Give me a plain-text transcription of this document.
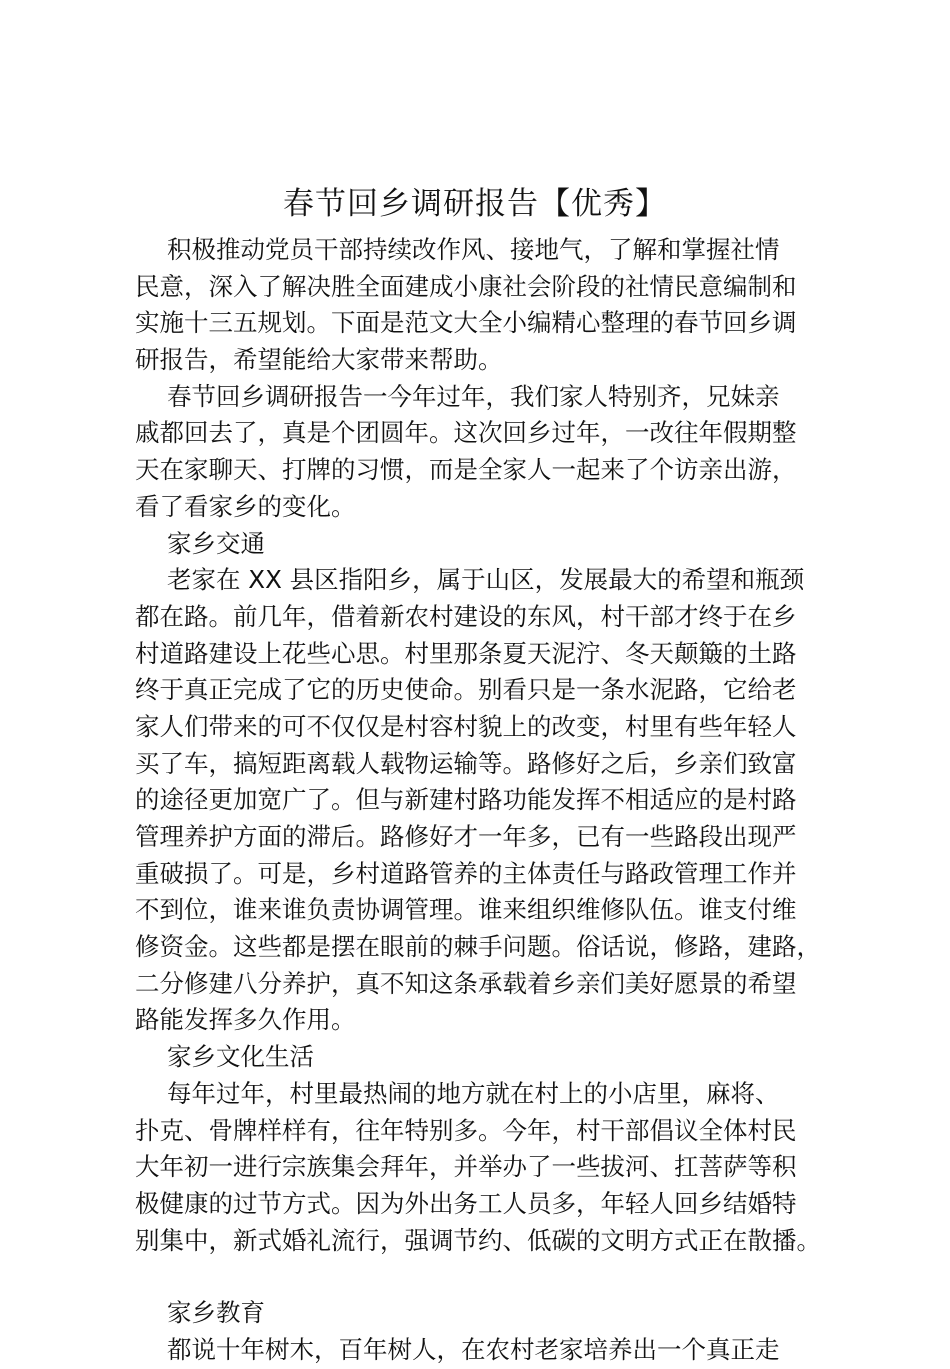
春节回乡调研报告【优秀】
积极推动党员干部持续改作风、接地气，了解和掌握社情
民意，深入了解决胜全面建成小康社会阶段的社情民意编制和
实施十三五规划。下面是范文大全小编精心整理的春节回乡调
研报告，希望能给大家带来帮助。
春节回乡调研报告一今年过年，我们家人特别齐，兄妹亲
戚都回去了，真是个团圆年。这次回乡过年，一改往年假期整
天在家聊天、打牌的习惯，而是全家人一起来了个访亲出游，
看了看家乡的变化。
家乡交通
老家在 XX 县区指阳乡，属于山区，发展最大的希望和瓶颈
都在路。前几年，借着新农村建设的东风，村干部才终于在乡
村道路建设上花些心思。村里那条夏天泥泞、冬天颠簸的土路
终于真正完成了它的历史使命。别看只是一条水泥路，它给老
家人们带来的可不仅仅是村容村貌上的改变，村里有些年轻人
买了车，搞短距离载人载物运输等。路修好之后，乡亲们致富
的途径更加宽广了。但与新建村路功能发挥不相适应的是村路
管理养护方面的滞后。路修好才一年多，已有一些路段出现严
重破损了。可是，乡村道路管养的主体责任与路政管理工作并
不到位，谁来谁负责协调管理。谁来组织维修队伍。谁支付维
修资金。这些都是摆在眼前的棘手问题。俗话说，修路，建路，
二分修建八分养护，真不知这条承载着乡亲们美好愿景的希望
路能发挥多久作用。
家乡文化生活
每年过年，村里最热闹的地方就在村上的小店里，麻将、
扑克、骨牌样样有，往年特别多。今年，村干部倡议全体村民
大年初一进行宗族集会拜年，并举办了一些拔河、扛菩萨等积
极健康的过节方式。因为外出务工人员多，年轻人回乡结婚特
别集中，新式婚礼流行，强调节约、低碳的文明方式正在散播。
家乡教育
都说十年树木，百年树人，在农村老家培养出一个真正走
